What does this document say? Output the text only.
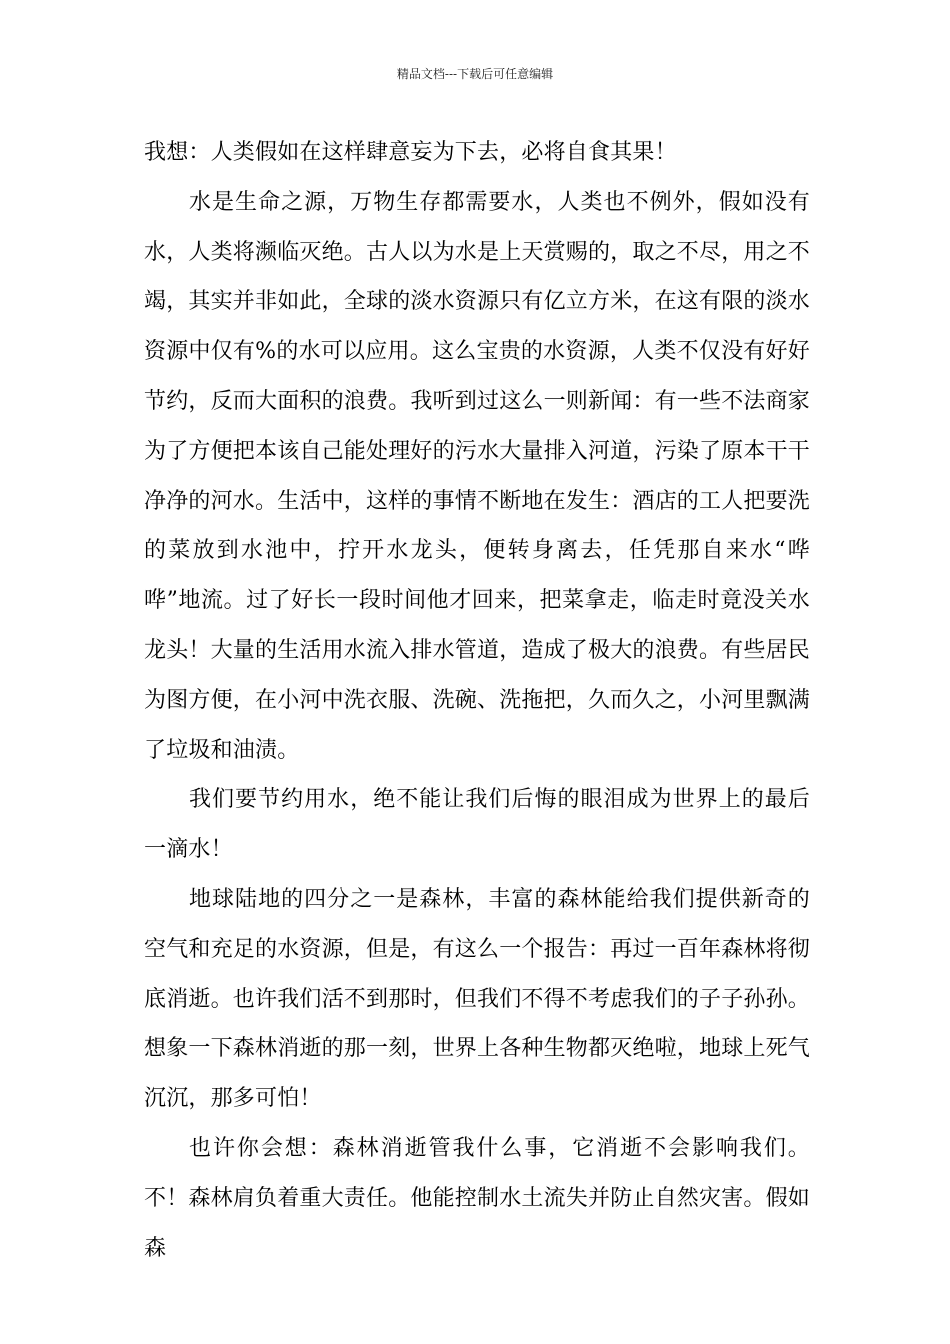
精品文档---下载后可任意编辑

我想：人类假如在这样肆意妄为下去，必将自食其果！

水是生命之源，万物生存都需要水，人类也不例外，假如没有水，人类将濒临灭绝。古人以为水是上天赏赐的，取之不尽，用之不竭，其实并非如此，全球的淡水资源只有亿立方米，在这有限的淡水资源中仅有%的水可以应用。这么宝贵的水资源，人类不仅没有好好节约，反而大面积的浪费。我听到过这么一则新闻：有一些不法商家为了方便把本该自己能处理好的污水大量排入河道，污染了原本干干净净的河水。生活中，这样的事情不断地在发生：酒店的工人把要洗的菜放到水池中，拧开水龙头，便转身离去，任凭那自来水“哗哗”地流。过了好长一段时间他才回来，把菜拿走，临走时竟没关水龙头！大量的生活用水流入排水管道，造成了极大的浪费。有些居民为图方便，在小河中洗衣服、洗碗、洗拖把，久而久之，小河里飘满了垃圾和油渍。

我们要节约用水，绝不能让我们后悔的眼泪成为世界上的最后一滴水！

地球陆地的四分之一是森林，丰富的森林能给我们提供新奇的空气和充足的水资源，但是，有这么一个报告：再过一百年森林将彻底消逝。也许我们活不到那时，但我们不得不考虑我们的子子孙孙。想象一下森林消逝的那一刻，世界上各种生物都灭绝啦，地球上死气沉沉，那多可怕！

也许你会想：森林消逝管我什么事，它消逝不会影响我们。不！森林肩负着重大责任。他能控制水土流失并防止自然灾害。假如森
